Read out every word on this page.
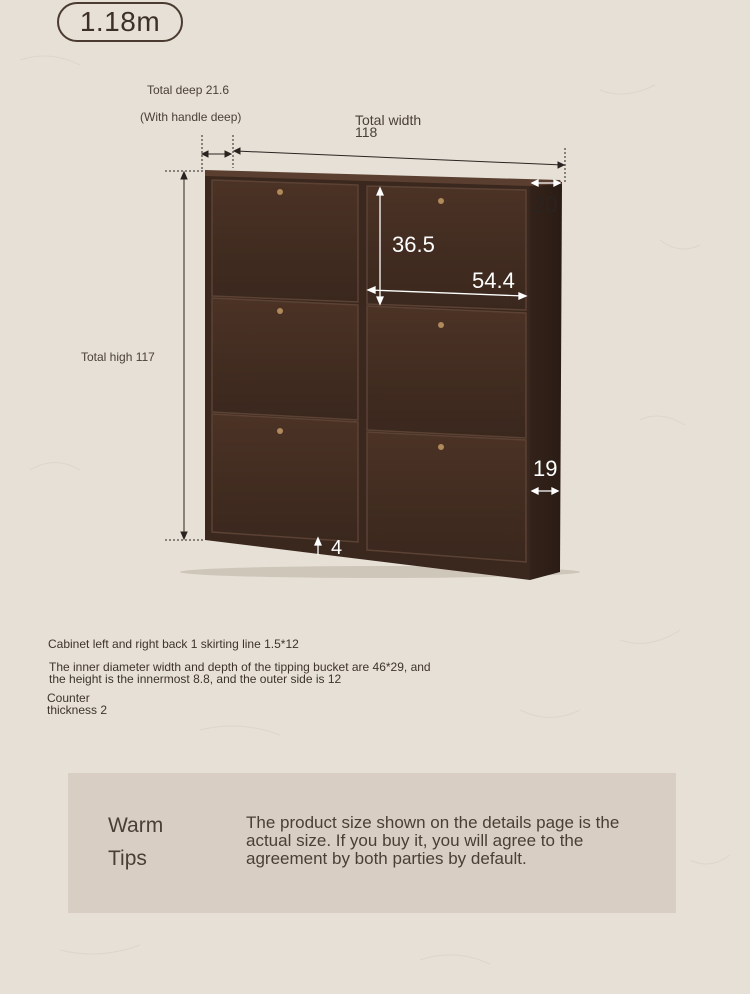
1.18m
Total deep 21.6
(With handle deep)	Total width
118
Total high 117
36.5
54.4
20
19
4
Cabinet left and right back 1 skirting line 1.5*12
The inner diameter width and depth of the tipping bucket are 46*29, and
the height is the innermost 8.8, and the outer side is 12
Counter
thickness 2
Warm
Tips
The product size shown on the details page is the actual size. If you buy it, you will agree to the agreement by both parties by default.
